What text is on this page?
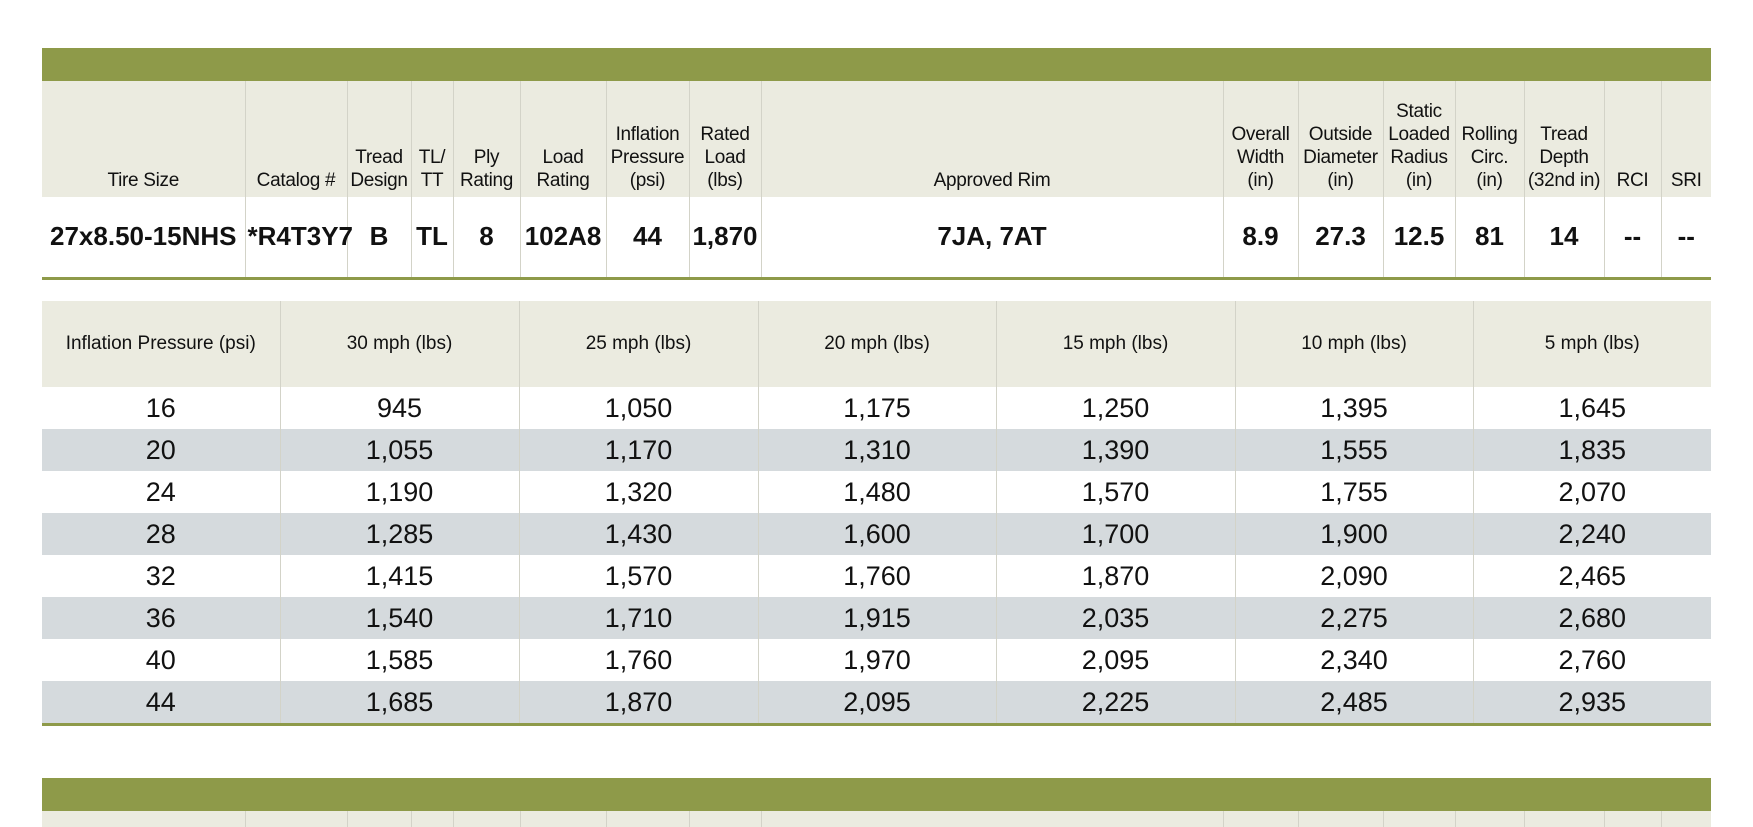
Tire Size	Catalog #	Tread Design	TL/ TT	Ply Rating	Load Rating	Inflation Pressure (psi)	Rated Load (lbs)	Approved Rim	Overall Width (in)	Outside Diameter (in)	Static Loaded Radius (in)	Rolling Circ. (in)	Tread Depth (32nd in)	RCI	SRI
27x8.50-15NHS	*R4T3Y7	B	TL	8	102A8	44	1,870	7JA, 7AT	8.9	27.3	12.5	81	14	--	--
Inflation Pressure (psi)	30 mph (lbs)	25 mph (lbs)	20 mph (lbs)	15 mph (lbs)	10 mph (lbs)	5 mph (lbs)
16	945	1,050	1,175	1,250	1,395	1,645
20	1,055	1,170	1,310	1,390	1,555	1,835
24	1,190	1,320	1,480	1,570	1,755	2,070
28	1,285	1,430	1,600	1,700	1,900	2,240
32	1,415	1,570	1,760	1,870	2,090	2,465
36	1,540	1,710	1,915	2,035	2,275	2,680
40	1,585	1,760	1,970	2,095	2,340	2,760
44	1,685	1,870	2,095	2,225	2,485	2,935
